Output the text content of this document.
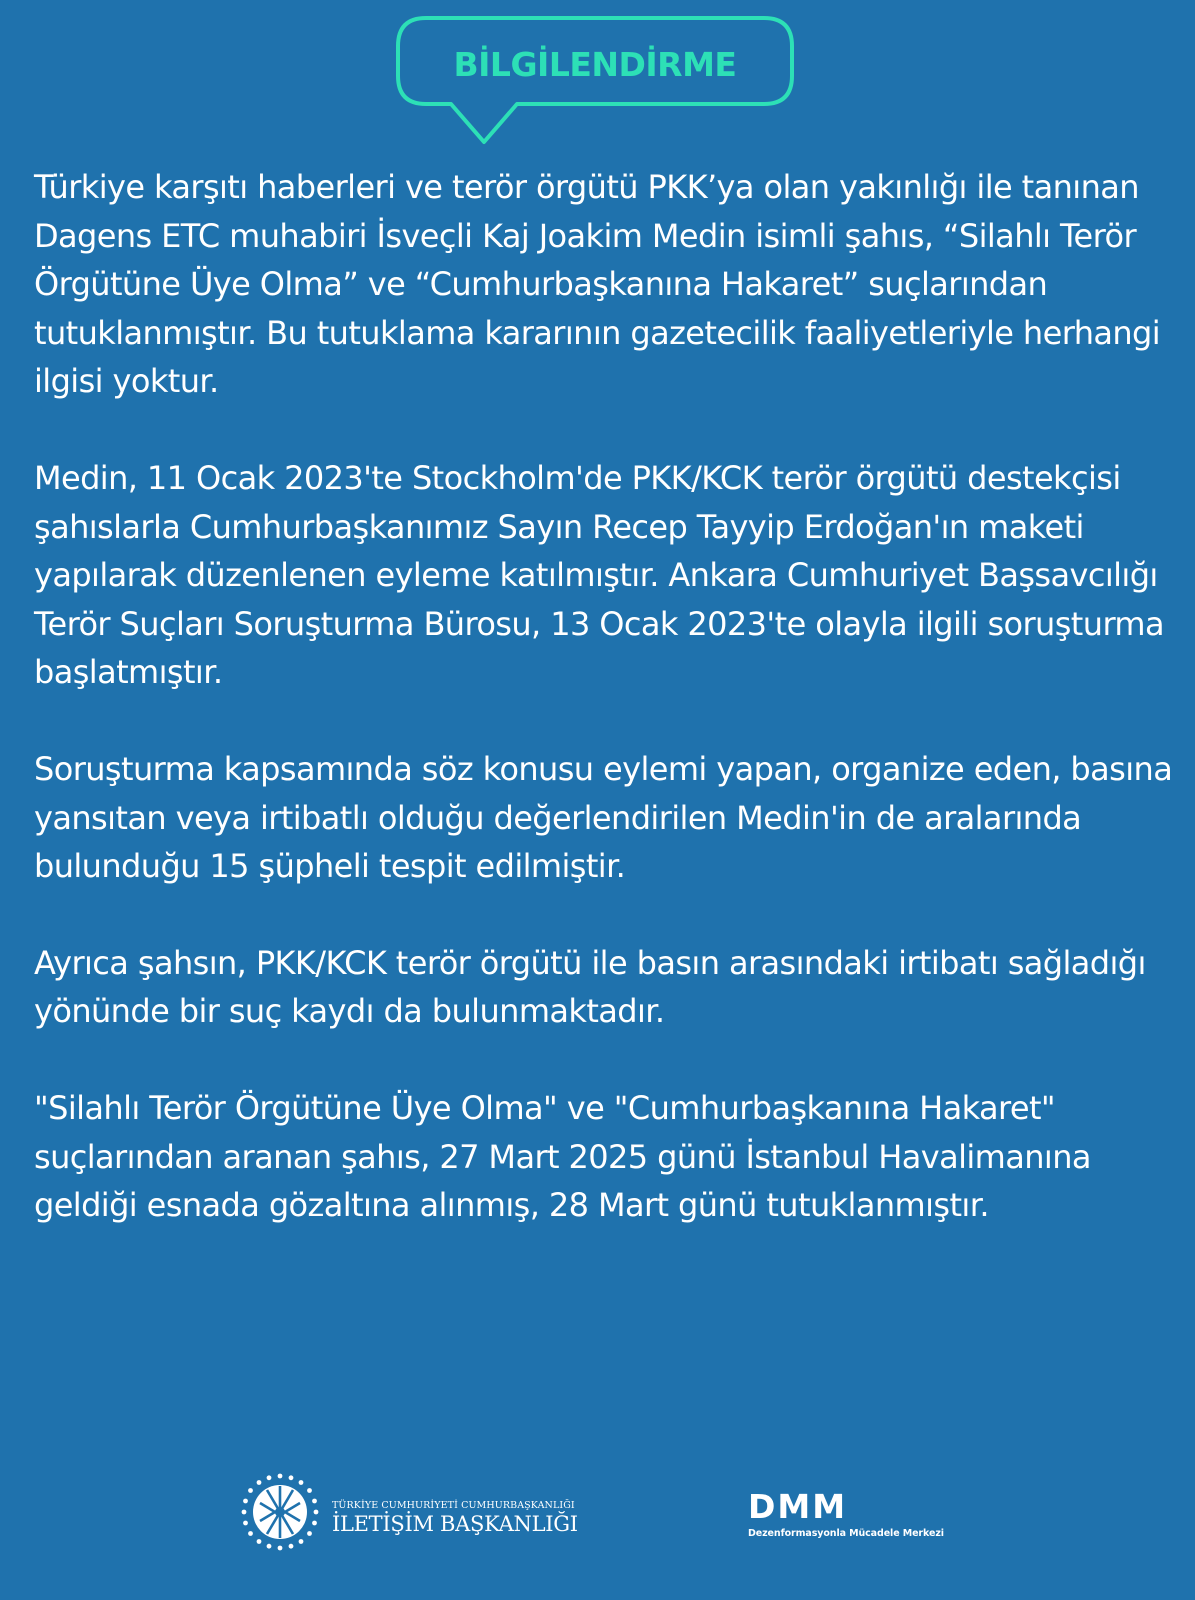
BİLGİLENDİRME

Türkiye karşıtı haberleri ve terör örgütü PKK’ya olan yakınlığı ile tanınan Dagens ETC muhabiri İsveçli Kaj Joakim Medin isimli şahıs, “Silahlı Terör Örgütüne Üye Olma” ve “Cumhurbaşkanına Hakaret” suçlarından tutuklanmıştır. Bu tutuklama kararının gazetecilik faaliyetleriyle herhangi ilgisi yoktur.

Medin, 11 Ocak 2023'te Stockholm'de PKK/KCK terör örgütü destekçisi şahıslarla Cumhurbaşkanımız Sayın Recep Tayyip Erdoğan'ın maketi yapılarak düzenlenen eyleme katılmıştır. Ankara Cumhuriyet Başsavcılığı Terör Suçları Soruşturma Bürosu, 13 Ocak 2023'te olayla ilgili soruşturma başlatmıştır.

Soruşturma kapsamında söz konusu eylemi yapan, organize eden, basına yansıtan veya irtibatlı olduğu değerlendirilen Medin'in de aralarında bulunduğu 15 şüpheli tespit edilmiştir.

Ayrıca şahsın, PKK/KCK terör örgütü ile basın arasındaki irtibatı sağladığı yönünde bir suç kaydı da bulunmaktadır.

"Silahlı Terör Örgütüne Üye Olma" ve "Cumhurbaşkanına Hakaret" suçlarından aranan şahıs, 27 Mart 2025 günü İstanbul Havalimanına geldiği esnada gözaltına alınmış, 28 Mart günü tutuklanmıştır.

TÜRKİYE CUMHURİYETİ CUMHURBAŞKANLIĞI
İLETİŞİM BAŞKANLIĞI	DMM
Dezenformasyonla Mücadele Merkezi
